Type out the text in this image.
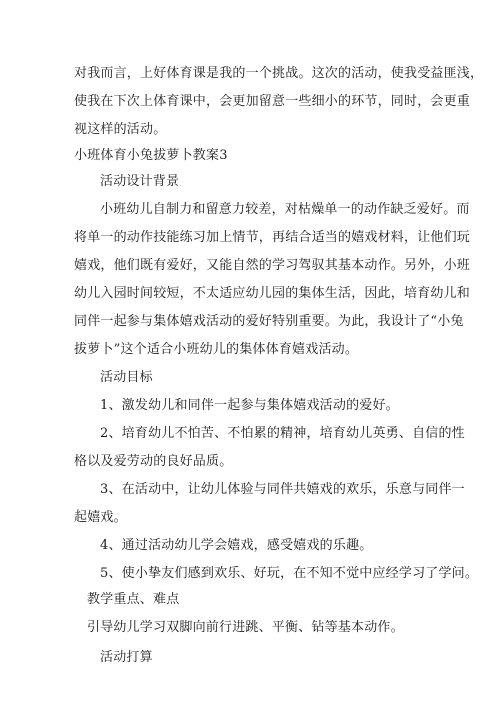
对我而言，上好体育课是我的一个挑战。这次的活动，使我受益匪浅，
使我在下次上体育课中，会更加留意一些细小的环节，同时，会更重
视这样的活动。
小班体育小兔拔萝卜教案3
活动设计背景
小班幼儿自制力和留意力较差，对枯燥单一的动作缺乏爱好。而
将单一的动作技能练习加上情节，再结合适当的嬉戏材料，让他们玩
嬉戏，他们既有爱好，又能自然的学习驾驭其基本动作。另外，小班
幼儿入园时间较短，不太适应幼儿园的集体生活，因此，培育幼儿和
同伴一起参与集体嬉戏活动的爱好特别重要。为此，我设计了“小兔
拔萝卜”这个适合小班幼儿的集体体育嬉戏活动。
活动目标
1、激发幼儿和同伴一起参与集体嬉戏活动的爱好。
2、培育幼儿不怕苦、不怕累的精神，培育幼儿英勇、自信的性
格以及爱劳动的良好品质。
3、在活动中，让幼儿体验与同伴共嬉戏的欢乐，乐意与同伴一
起嬉戏。
4、通过活动幼儿学会嬉戏，感受嬉戏的乐趣。
5、使小挚友们感到欢乐、好玩，在不知不觉中应经学习了学问。
教学重点、难点
引导幼儿学习双脚向前行进跳、平衡、钻等基本动作。
活动打算
